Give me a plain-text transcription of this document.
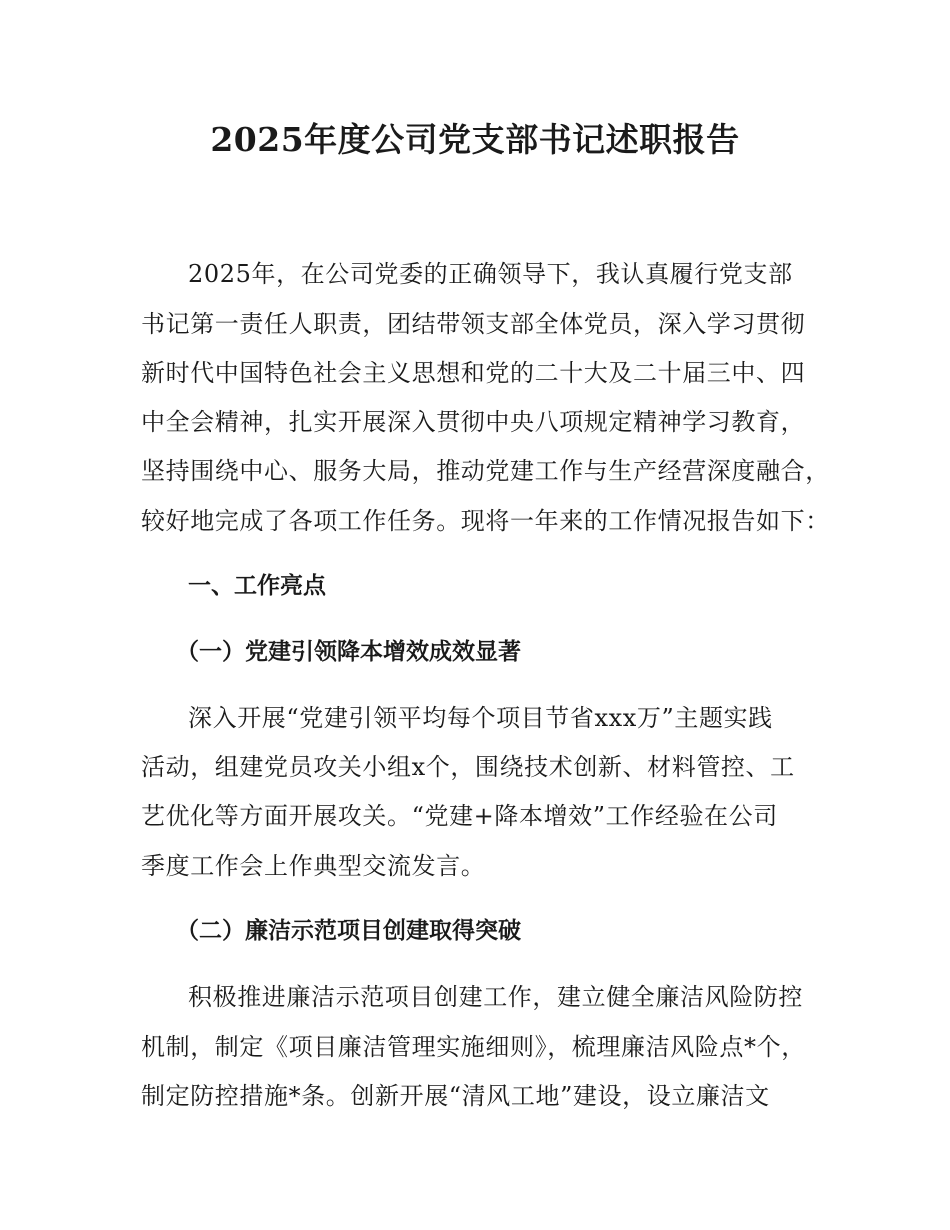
2025年度公司党支部书记述职报告

2025年，在公司党委的正确领导下，我认真履行党支部

书记第一责任人职责，团结带领支部全体党员，深入学习贯彻

新时代中国特色社会主义思想和党的二十大及二十届三中、四

中全会精神，扎实开展深入贯彻中央八项规定精神学习教育，

坚持围绕中心、服务大局，推动党建工作与生产经营深度融合，

较好地完成了各项工作任务。现将一年来的工作情况报告如下：

一、工作亮点
（一）党建引领降本增效成效显著

深入开展“党建引领平均每个项目节省xxx万”主题实践

活动，组建党员攻关小组x个，围绕技术创新、材料管控、工

艺优化等方面开展攻关。“党建+降本增效”工作经验在公司

季度工作会上作典型交流发言。

（二）廉洁示范项目创建取得突破

积极推进廉洁示范项目创建工作，建立健全廉洁风险防控

机制，制定《项目廉洁管理实施细则》，梳理廉洁风险点*个，

制定防控措施*条。创新开展“清风工地”建设，设立廉洁文
